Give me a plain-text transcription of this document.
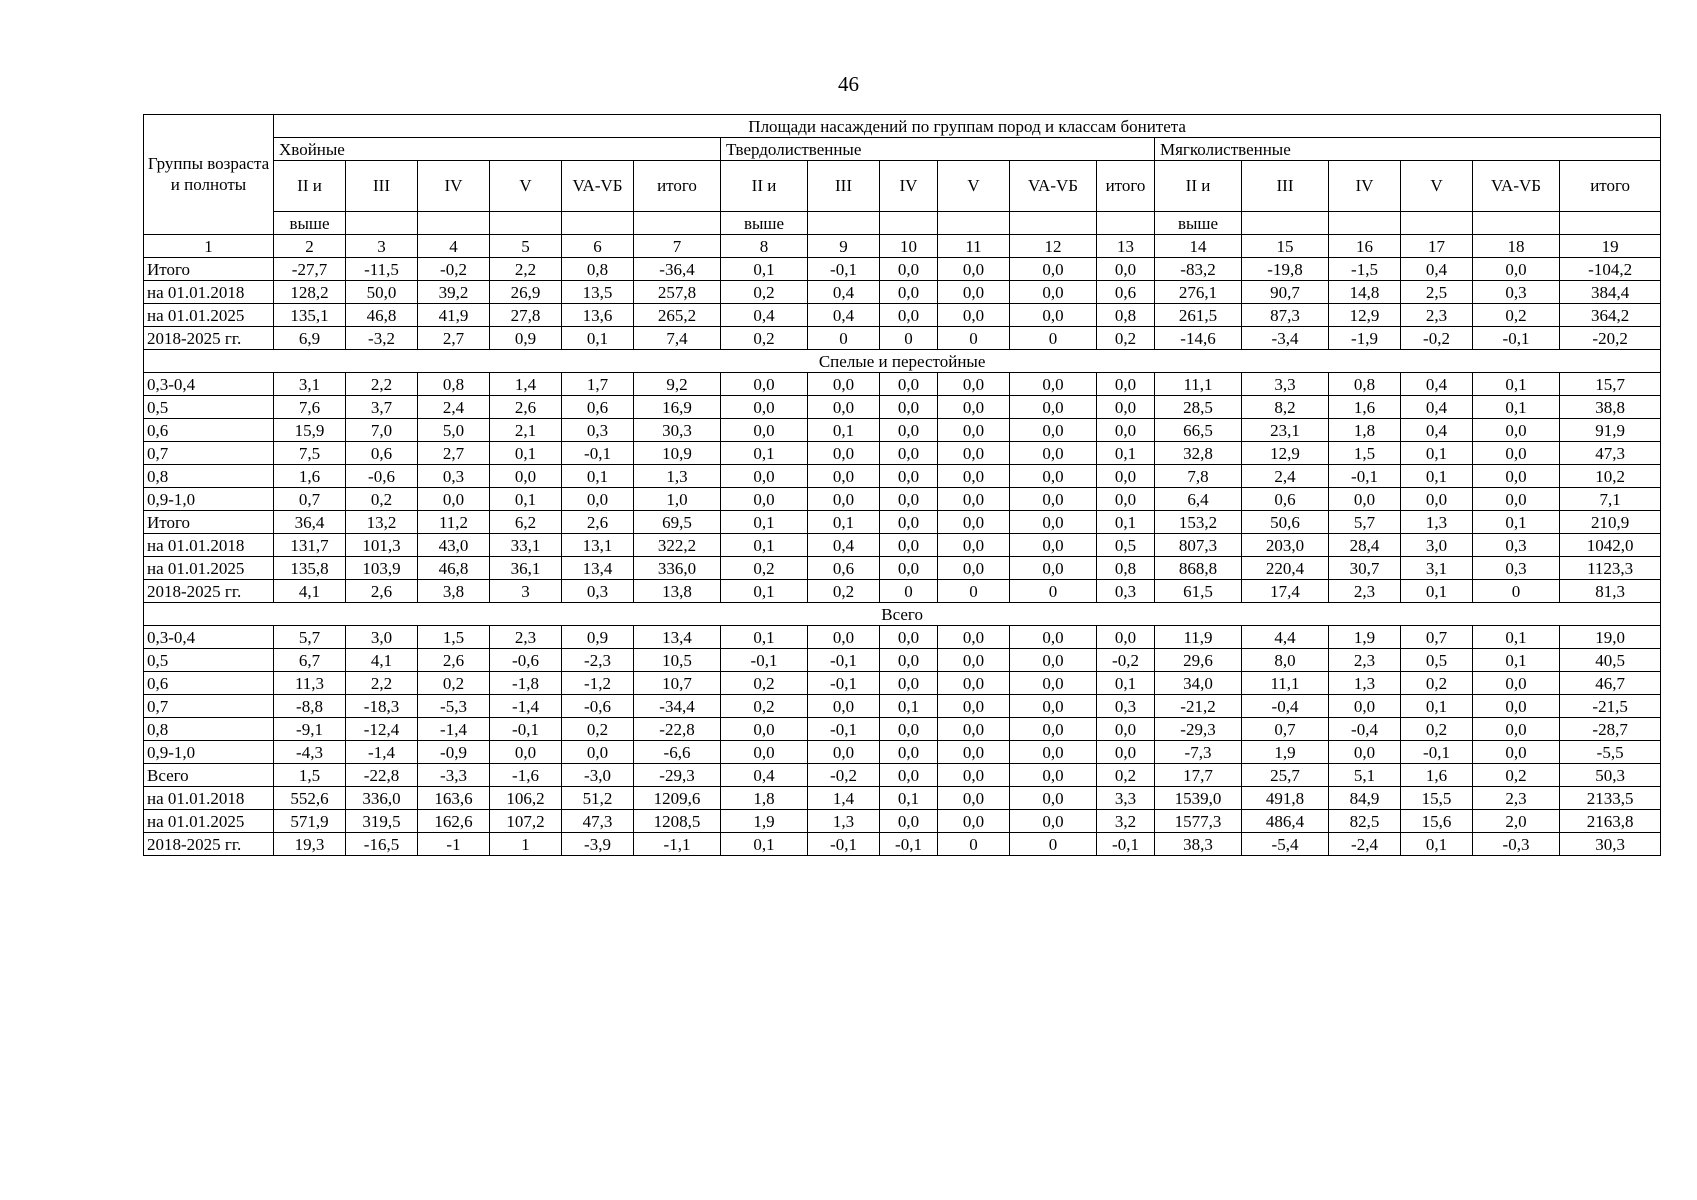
46
Группы возраста и полноты	Площади насаждений по группам пород и классам бонитета																	
	Хвойные						Твердолиственные						Мягколиственные					
	II и	III	IV	V	VA-VБ	итого	II и	III	IV	V	VA-VБ	итого	II и	III	IV	V	VA-VБ	итого
	выше						выше						выше					
1	2	3	4	5	6	7	8	9	10	11	12	13	14	15	16	17	18	19
Итого	-27,7	-11,5	-0,2	2,2	0,8	-36,4	0,1	-0,1	0,0	0,0	0,0	0,0	-83,2	-19,8	-1,5	0,4	0,0	-104,2
на 01.01.2018	128,2	50,0	39,2	26,9	13,5	257,8	0,2	0,4	0,0	0,0	0,0	0,6	276,1	90,7	14,8	2,5	0,3	384,4
на 01.01.2025	135,1	46,8	41,9	27,8	13,6	265,2	0,4	0,4	0,0	0,0	0,0	0,8	261,5	87,3	12,9	2,3	0,2	364,2
2018-2025 гг.	6,9	-3,2	2,7	0,9	0,1	7,4	0,2	0	0	0	0	0,2	-14,6	-3,4	-1,9	-0,2	-0,1	-20,2
Спелые и перестойные																		
0,3-0,4	3,1	2,2	0,8	1,4	1,7	9,2	0,0	0,0	0,0	0,0	0,0	0,0	11,1	3,3	0,8	0,4	0,1	15,7
0,5	7,6	3,7	2,4	2,6	0,6	16,9	0,0	0,0	0,0	0,0	0,0	0,0	28,5	8,2	1,6	0,4	0,1	38,8
0,6	15,9	7,0	5,0	2,1	0,3	30,3	0,0	0,1	0,0	0,0	0,0	0,0	66,5	23,1	1,8	0,4	0,0	91,9
0,7	7,5	0,6	2,7	0,1	-0,1	10,9	0,1	0,0	0,0	0,0	0,0	0,1	32,8	12,9	1,5	0,1	0,0	47,3
0,8	1,6	-0,6	0,3	0,0	0,1	1,3	0,0	0,0	0,0	0,0	0,0	0,0	7,8	2,4	-0,1	0,1	0,0	10,2
0,9-1,0	0,7	0,2	0,0	0,1	0,0	1,0	0,0	0,0	0,0	0,0	0,0	0,0	6,4	0,6	0,0	0,0	0,0	7,1
Итого	36,4	13,2	11,2	6,2	2,6	69,5	0,1	0,1	0,0	0,0	0,0	0,1	153,2	50,6	5,7	1,3	0,1	210,9
на 01.01.2018	131,7	101,3	43,0	33,1	13,1	322,2	0,1	0,4	0,0	0,0	0,0	0,5	807,3	203,0	28,4	3,0	0,3	1042,0
на 01.01.2025	135,8	103,9	46,8	36,1	13,4	336,0	0,2	0,6	0,0	0,0	0,0	0,8	868,8	220,4	30,7	3,1	0,3	1123,3
2018-2025 гг.	4,1	2,6	3,8	3	0,3	13,8	0,1	0,2	0	0	0	0,3	61,5	17,4	2,3	0,1	0	81,3
Всего																		
0,3-0,4	5,7	3,0	1,5	2,3	0,9	13,4	0,1	0,0	0,0	0,0	0,0	0,0	11,9	4,4	1,9	0,7	0,1	19,0
0,5	6,7	4,1	2,6	-0,6	-2,3	10,5	-0,1	-0,1	0,0	0,0	0,0	-0,2	29,6	8,0	2,3	0,5	0,1	40,5
0,6	11,3	2,2	0,2	-1,8	-1,2	10,7	0,2	-0,1	0,0	0,0	0,0	0,1	34,0	11,1	1,3	0,2	0,0	46,7
0,7	-8,8	-18,3	-5,3	-1,4	-0,6	-34,4	0,2	0,0	0,1	0,0	0,0	0,3	-21,2	-0,4	0,0	0,1	0,0	-21,5
0,8	-9,1	-12,4	-1,4	-0,1	0,2	-22,8	0,0	-0,1	0,0	0,0	0,0	0,0	-29,3	0,7	-0,4	0,2	0,0	-28,7
0,9-1,0	-4,3	-1,4	-0,9	0,0	0,0	-6,6	0,0	0,0	0,0	0,0	0,0	0,0	-7,3	1,9	0,0	-0,1	0,0	-5,5
Всего	1,5	-22,8	-3,3	-1,6	-3,0	-29,3	0,4	-0,2	0,0	0,0	0,0	0,2	17,7	25,7	5,1	1,6	0,2	50,3
на 01.01.2018	552,6	336,0	163,6	106,2	51,2	1209,6	1,8	1,4	0,1	0,0	0,0	3,3	1539,0	491,8	84,9	15,5	2,3	2133,5
на 01.01.2025	571,9	319,5	162,6	107,2	47,3	1208,5	1,9	1,3	0,0	0,0	0,0	3,2	1577,3	486,4	82,5	15,6	2,0	2163,8
2018-2025 гг.	19,3	-16,5	-1	1	-3,9	-1,1	0,1	-0,1	-0,1	0	0	-0,1	38,3	-5,4	-2,4	0,1	-0,3	30,3
